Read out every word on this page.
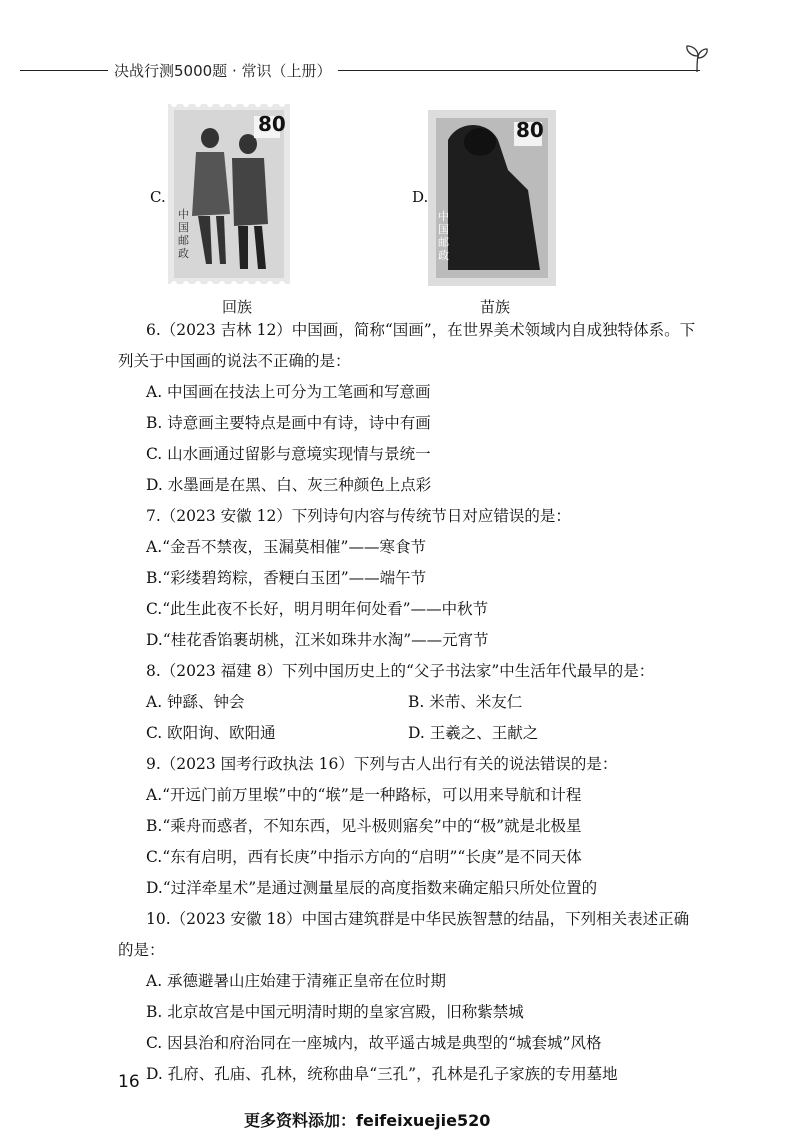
决战行测5000题 · 常识（上册）
C.
80
中国邮政
回族
D.
80
中国邮政
苗族
6.（2023 吉林 12）中国画，简称“国画”，在世界美术领域内自成独特体系。下
列关于中国画的说法不正确的是：
A. 中国画在技法上可分为工笔画和写意画
B. 诗意画主要特点是画中有诗，诗中有画
C. 山水画通过留影与意境实现情与景统一
D. 水墨画是在黑、白、灰三种颜色上点彩
7.（2023 安徽 12）下列诗句内容与传统节日对应错误的是：
A.“金吾不禁夜，玉漏莫相催”——寒食节
B.“彩缕碧筠粽，香粳白玉团”——端午节
C.“此生此夜不长好，明月明年何处看”——中秋节
D.“桂花香馅裹胡桃，江米如珠井水淘”——元宵节
8.（2023 福建 8）下列中国历史上的“父子书法家”中生活年代最早的是：
A. 钟繇、钟会	B. 米芾、米友仁
C. 欧阳询、欧阳通	D. 王羲之、王献之
9.（2023 国考行政执法 16）下列与古人出行有关的说法错误的是：
A.“开远门前万里堠”中的“堠”是一种路标，可以用来导航和计程
B.“乘舟而惑者，不知东西，见斗极则寤矣”中的“极”就是北极星
C.“东有启明，西有长庚”中指示方向的“启明”“长庚”是不同天体
D.“过洋牵星术”是通过测量星辰的高度指数来确定船只所处位置的
10.（2023 安徽 18）中国古建筑群是中华民族智慧的结晶，下列相关表述正确
的是：
A. 承德避暑山庄始建于清雍正皇帝在位时期
B. 北京故宫是中国元明清时期的皇家宫殿，旧称紫禁城
C. 因县治和府治同在一座城内，故平遥古城是典型的“城套城”风格
D. 孔府、孔庙、孔林，统称曲阜“三孔”，孔林是孔子家族的专用墓地
16
更多资料添加：feifeixuejie520
